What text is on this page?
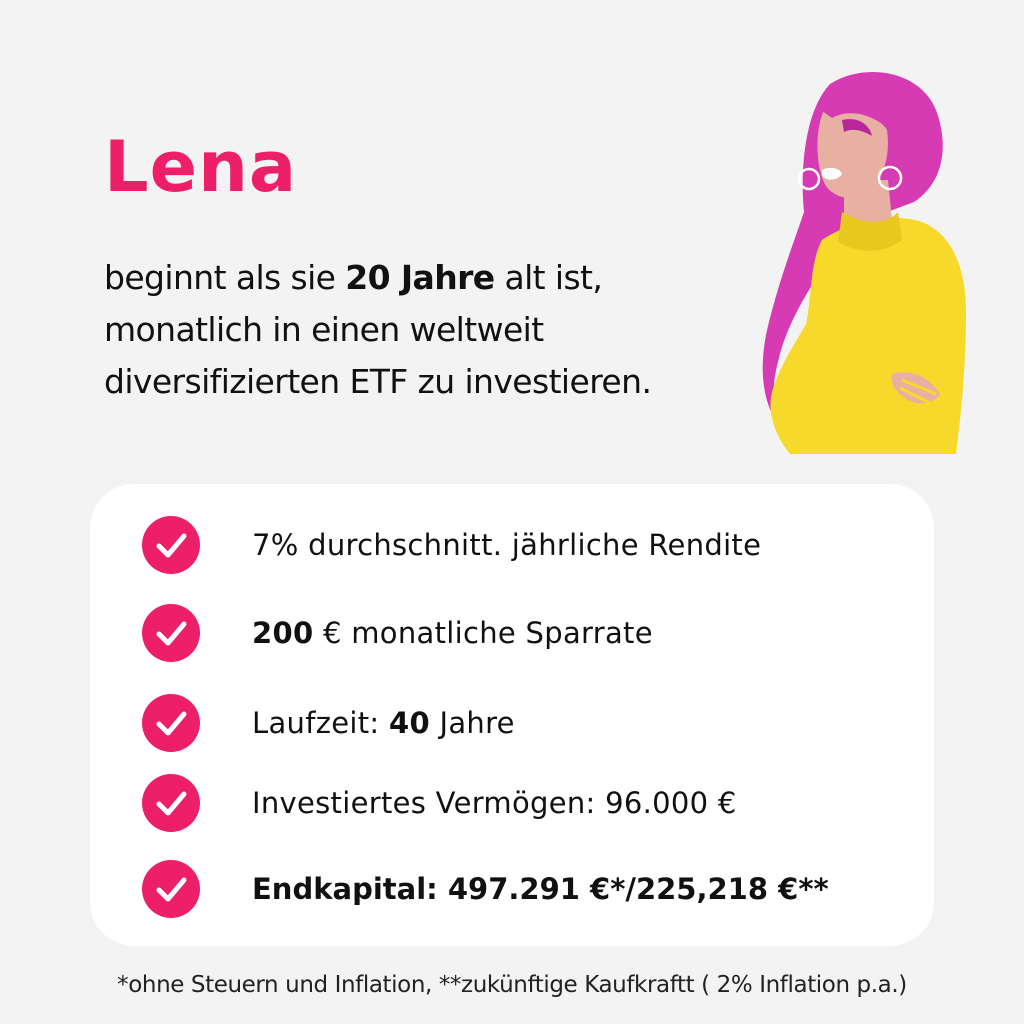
Lena

beginnt als sie 20 Jahre alt ist,
monatlich in einen weltweit
diversifizierten ETF zu investieren.

7% durchschnitt. jährliche Rendite
200 € monatliche Sparrate
Laufzeit: 40 Jahre
Investiertes Vermögen: 96.000 €
Endkapital: 497.291 €*/225,218 €**

*ohne Steuern und Inflation, **zukünftige Kaufkraftt ( 2% Inflation p.a.)
